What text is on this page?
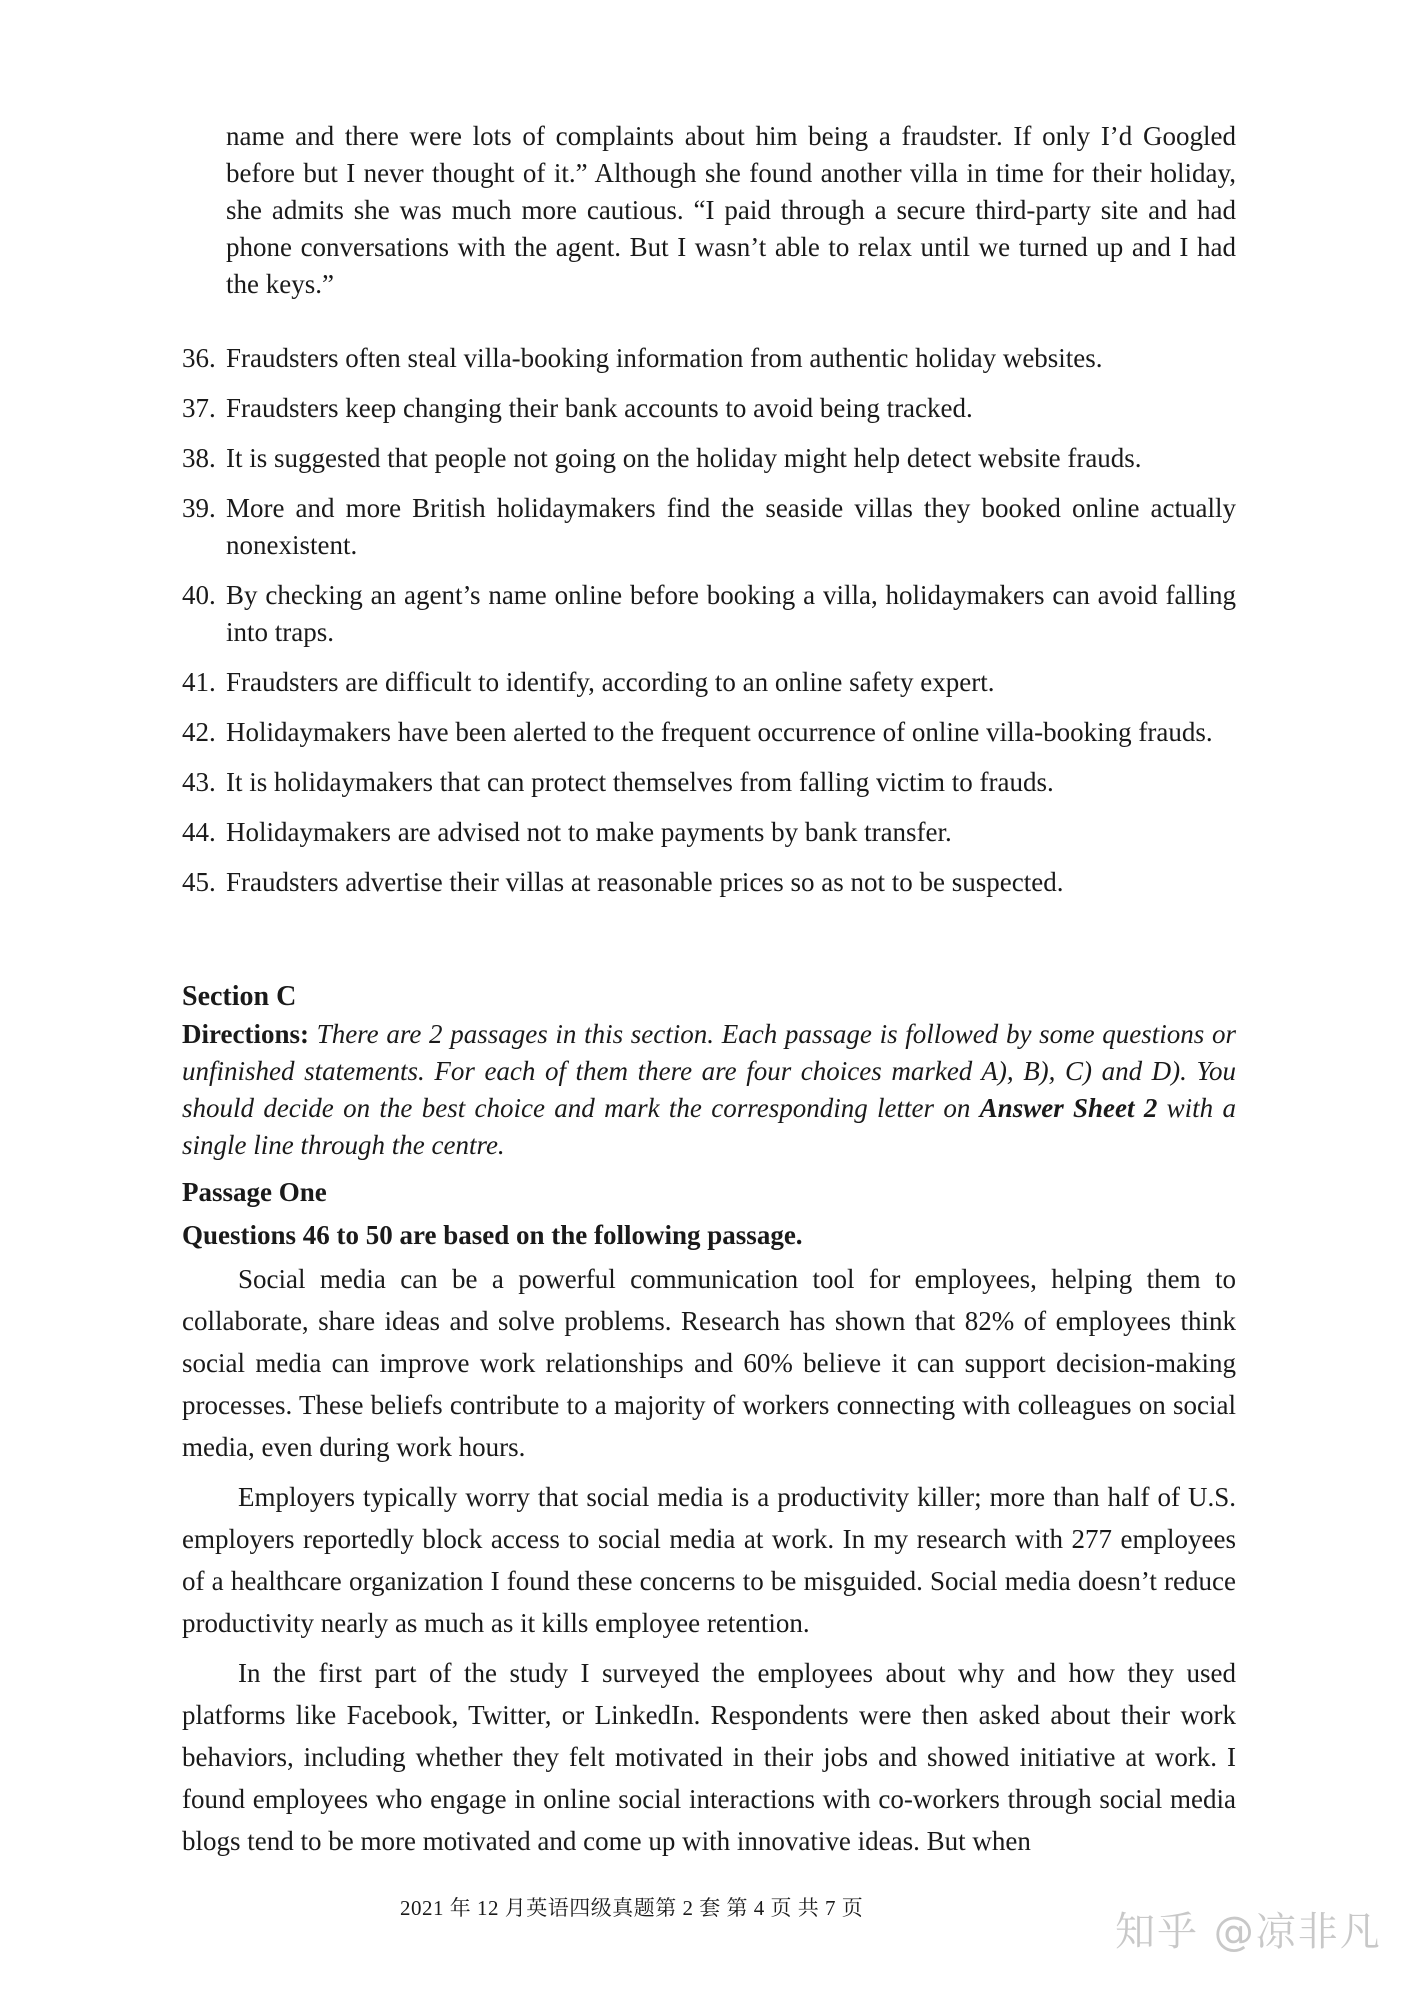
name and there were lots of complaints about him being a fraudster. If only I’d Googled before but I never thought of it.” Although she found another villa in time for their holiday, she admits she was much more cautious. “I paid through a secure third-party site and had phone conversations with the agent. But I wasn’t able to relax until we turned up and I had the keys.”
36. Fraudsters often steal villa-booking information from authentic holiday websites.
37. Fraudsters keep changing their bank accounts to avoid being tracked.
38. It is suggested that people not going on the holiday might help detect website frauds.
39. More and more British holidaymakers find the seaside villas they booked online actually nonexistent.
40. By checking an agent’s name online before booking a villa, holidaymakers can avoid falling into traps.
41. Fraudsters are difficult to identify, according to an online safety expert.
42. Holidaymakers have been alerted to the frequent occurrence of online villa-booking frauds.
43. It is holidaymakers that can protect themselves from falling victim to frauds.
44. Holidaymakers are advised not to make payments by bank transfer.
45. Fraudsters advertise their villas at reasonable prices so as not to be suspected.
Section C
Directions: There are 2 passages in this section. Each passage is followed by some questions or unfinished statements. For each of them there are four choices marked A), B), C) and D). You should decide on the best choice and mark the corresponding letter on Answer Sheet 2 with a single line through the centre.
Passage One
Questions 46 to 50 are based on the following passage.
Social media can be a powerful communication tool for employees, helping them to collaborate, share ideas and solve problems. Research has shown that 82% of employees think social media can improve work relationships and 60% believe it can support decision-making processes. These beliefs contribute to a majority of workers connecting with colleagues on social media, even during work hours.
Employers typically worry that social media is a productivity killer; more than half of U.S. employers reportedly block access to social media at work. In my research with 277 employees of a healthcare organization I found these concerns to be misguided. Social media doesn’t reduce productivity nearly as much as it kills employee retention.
In the first part of the study I surveyed the employees about why and how they used platforms like Facebook, Twitter, or LinkedIn. Respondents were then asked about their work behaviors, including whether they felt motivated in their jobs and showed initiative at work. I found employees who engage in online social interactions with co-workers through social media blogs tend to be more motivated and come up with innovative ideas. But when
2021 年 12 月英语四级真题第 2 套 第 4 页 共 7 页
知乎 @凉非凡
